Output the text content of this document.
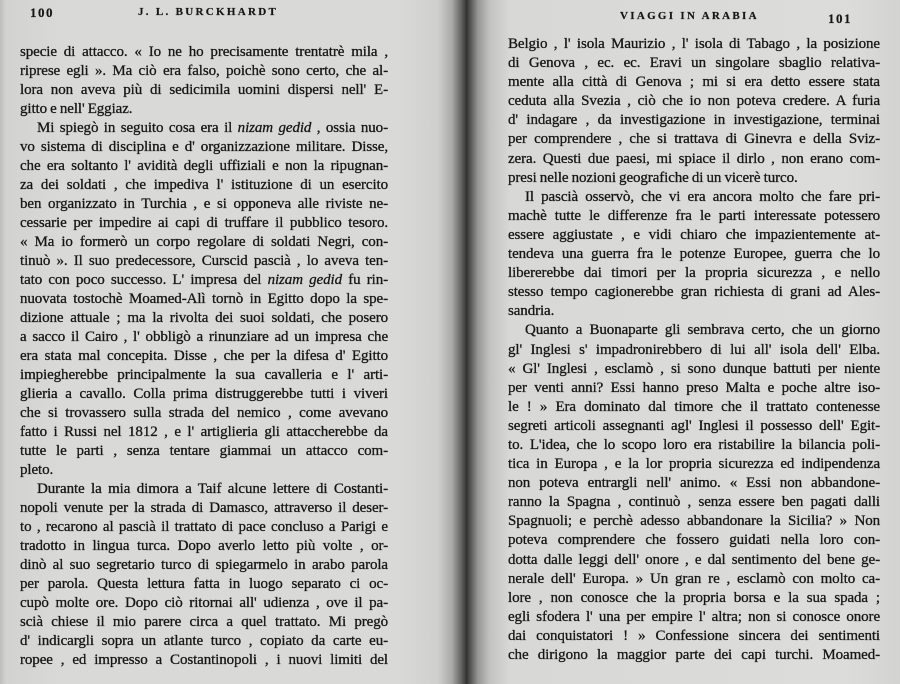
100	J. L. BURCKHARDT
specie di attacco. « Io ne ho precisamente trentatrè mila ,
riprese egli ». Ma ciò era falso, poichè sono certo, che al-
lora non aveva più di sedicimila uomini dispersi nell' E-
gitto e nell' Eggiaz.
Mi spiegò in seguito cosa era il nizam gedid , ossia nuo-
vo sistema di disciplina e d' organizzazione militare. Disse,
che era soltanto l' avidità degli uffiziali e non la ripugnan-
za dei soldati , che impediva l' istituzione di un esercito
ben organizzato in Turchia , e si opponeva alle riviste ne-
cessarie per impedire ai capi di truffare il pubblico tesoro.
« Ma io formerò un corpo regolare di soldati Negri, con-
tinuò ». Il suo predecessore, Curscid pascià , lo aveva ten-
tato con poco successo. L' impresa del nizam gedid fu rin-
nuovata tostochè Moamed-Alì tornò in Egitto dopo la spe-
dizione attuale ; ma la rivolta dei suoi soldati, che posero
a sacco il Cairo , l' obbligò a rinunziare ad un impresa che
era stata mal concepita. Disse , che per la difesa d' Egitto
impiegherebbe principalmente la sua cavalleria e l' arti-
glieria a cavallo. Colla prima distruggerebbe tutti i viveri
che si trovassero sulla strada del nemico , come avevano
fatto i Russi nel 1812 , e l' artiglieria gli attaccherebbe da
tutte le parti , senza tentare giammai un attacco com-
pleto.
Durante la mia dimora a Taif alcune lettere di Costanti-
nopoli venute per la strada di Damasco, attraverso il deser-
to , recarono al pascià il trattato di pace concluso a Parigi e
tradotto in lingua turca. Dopo averlo letto più volte , or-
dinò al suo segretario turco di spiegarmelo in arabo parola
per parola. Questa lettura fatta in luogo separato ci oc-
cupò molte ore. Dopo ciò ritornai all' udienza , ove il pa-
scià chiese il mio parere circa a quel trattato. Mi pregò
d' indicargli sopra un atlante turco , copiato da carte eu-
ropee , ed impresso a Costantinopoli , i nuovi limiti del
VIAGGI IN ARABIA	101
Belgio , l' isola Maurizio , l' isola di Tabago , la posizione
di Genova , ec. ec. Eravi un singolare sbaglio relativa-
mente alla città di Genova ; mi si era detto essere stata
ceduta alla Svezia , ciò che io non poteva credere. A furia
d' indagare , da investigazione in investigazione, terminai
per comprendere , che si trattava di Ginevra e della Sviz-
zera. Questi due paesi, mi spiace il dirlo , non erano com-
presi nelle nozioni geografiche di un vicerè turco.
Il pascià osservò, che vi era ancora molto che fare pri-
machè tutte le differenze fra le parti interessate potessero
essere aggiustate , e vidi chiaro che impazientemente at-
tendeva una guerra fra le potenze Europee, guerra che lo
libererebbe dai timori per la propria sicurezza , e nello
stesso tempo cagionerebbe gran richiesta di grani ad Ales-
sandria.
Quanto a Buonaparte gli sembrava certo, che un giorno
gl' Inglesi s' impadronirebbero di lui all' isola dell' Elba.
« Gl' Inglesi , esclamò , si sono dunque battuti per niente
per venti anni? Essi hanno preso Malta e poche altre iso-
le ! » Era dominato dal timore che il trattato contenesse
segreti articoli assegnanti agl' Inglesi il possesso dell' Egit-
to. L'idea, che lo scopo loro era ristabilire la bilancia poli-
tica in Europa , e la lor propria sicurezza ed indipendenza
non poteva entrargli nell' animo. « Essi non abbandone-
ranno la Spagna , continuò , senza essere ben pagati dalli
Spagnuoli; e perchè adesso abbandonare la Sicilia? » Non
poteva comprendere che fossero guidati nella loro con-
dotta dalle leggi dell' onore , e dal sentimento del bene ge-
nerale dell' Europa. » Un gran re , esclamò con molto ca-
lore , non conosce che la propria borsa e la sua spada ;
egli sfodera l' una per empire l' altra; non si conosce onore
dai conquistatori ! » Confessione sincera dei sentimenti
che dirigono la maggior parte dei capi turchi. Moamed-
